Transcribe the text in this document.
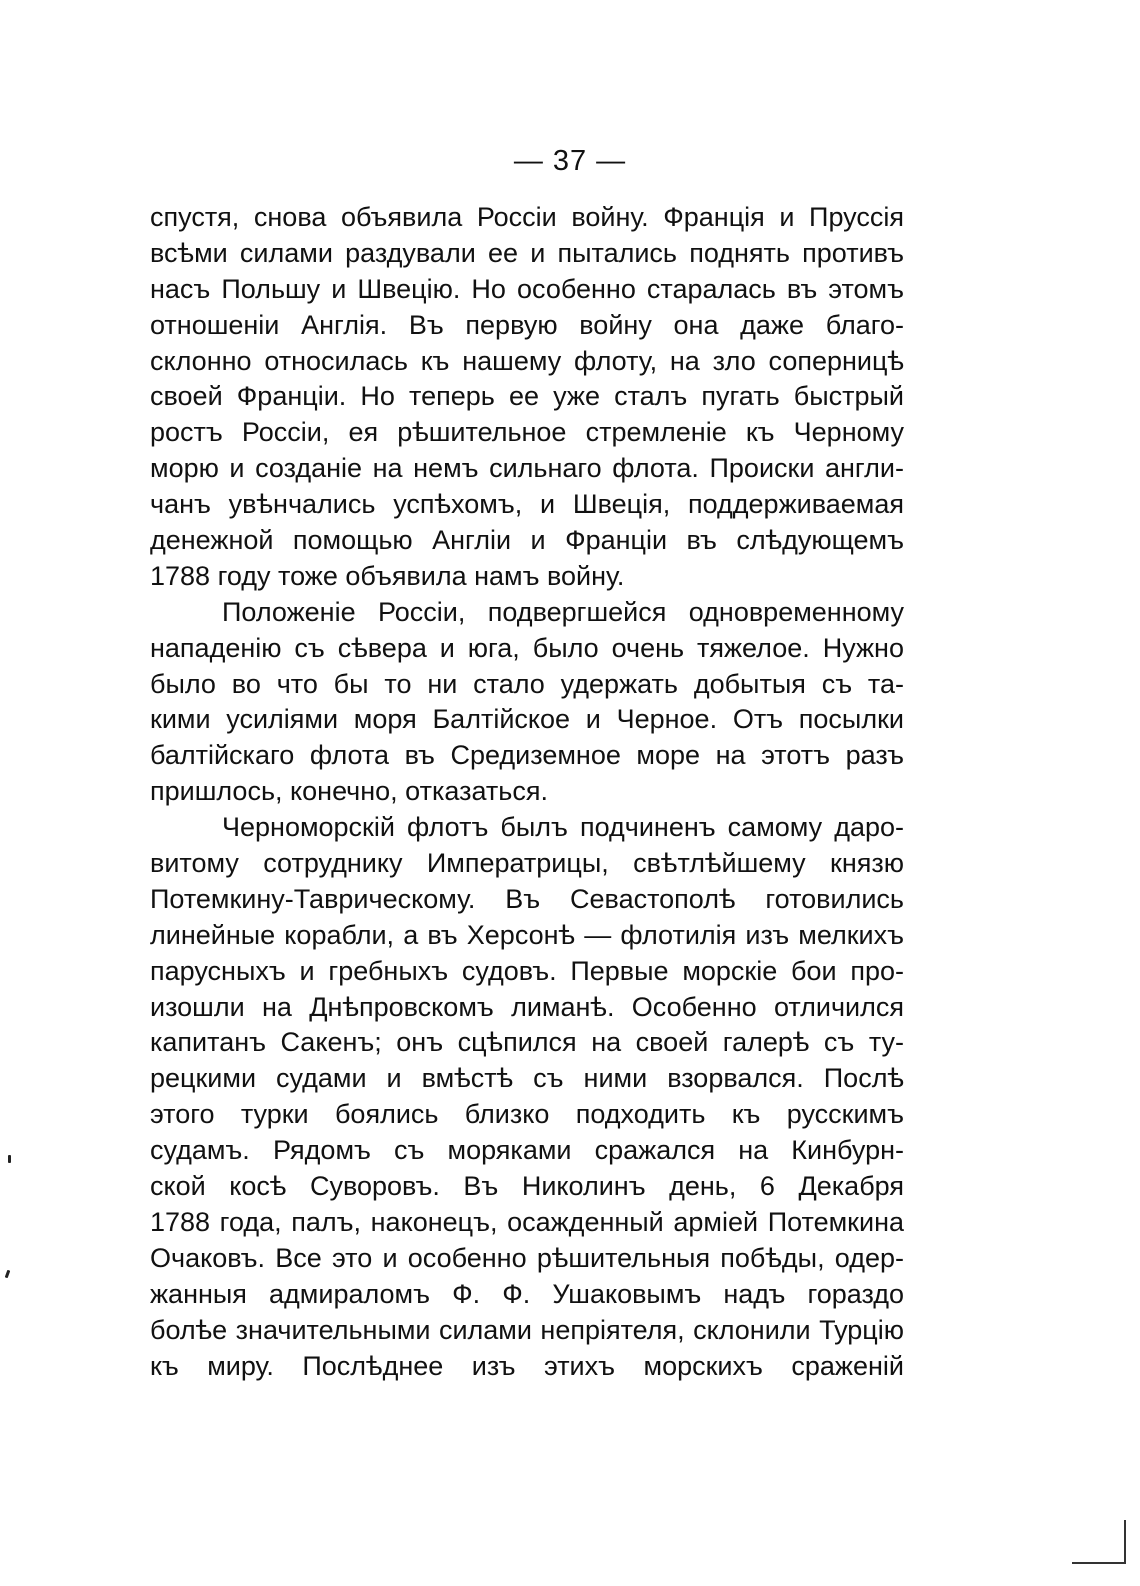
— 37 —
спустя, снова объявила Россіи войну. Франція и Пруссія
всѣми силами раздували ее и пытались поднять противъ
насъ Польшу и Швецію. Но особенно старалась въ этомъ
отношеніи Англія. Въ первую войну она даже благо-
склонно относилась къ нашему флоту, на зло соперницѣ
своей Франціи. Но теперь ее уже сталъ пугать быстрый
ростъ Россіи, ея рѣшительное стремленіе къ Черному
морю и созданіе на немъ сильнаго флота. Происки англи-
чанъ увѣнчались успѣхомъ, и Швеція, поддерживаемая
денежной помощью Англіи и Франціи въ слѣдующемъ
1788 году тоже объявила намъ войну.
Положеніе Россіи, подвергшейся одновременному
нападенію съ сѣвера и юга, было очень тяжелое. Нужно
было во что бы то ни стало удержать добытыя съ та-
кими усиліями моря Балтійское и Черное. Отъ посылки
балтійскаго флота въ Средиземное море на этотъ разъ
пришлось, конечно, отказаться.
Черноморскій флотъ былъ подчиненъ самому даро-
витому сотруднику Императрицы, свѣтлѣйшему князю
Потемкину-Таврическому. Въ Севастополѣ готовились
линейные корабли, а въ Херсонѣ — флотилія изъ мелкихъ
парусныхъ и гребныхъ судовъ. Первые морскіе бои про-
изошли на Днѣпровскомъ лиманѣ. Особенно отличился
капитанъ Сакенъ; онъ сцѣпился на своей галерѣ съ ту-
рецкими судами и вмѣстѣ съ ними взорвался. Послѣ
этого турки боялись близко подходить къ русскимъ
судамъ. Рядомъ съ моряками сражался на Кинбурн-
ской косѣ Суворовъ. Въ Николинъ день, 6 Декабря
1788 года, палъ, наконецъ, осажденный арміей Потемкина
Очаковъ. Все это и особенно рѣшительныя побѣды, одер-
жанныя адмираломъ Ф. Ф. Ушаковымъ надъ гораздо
болѣе значительными силами непріятеля, склонили Турцію
къ миру. Послѣднее изъ этихъ морскихъ сраженій
